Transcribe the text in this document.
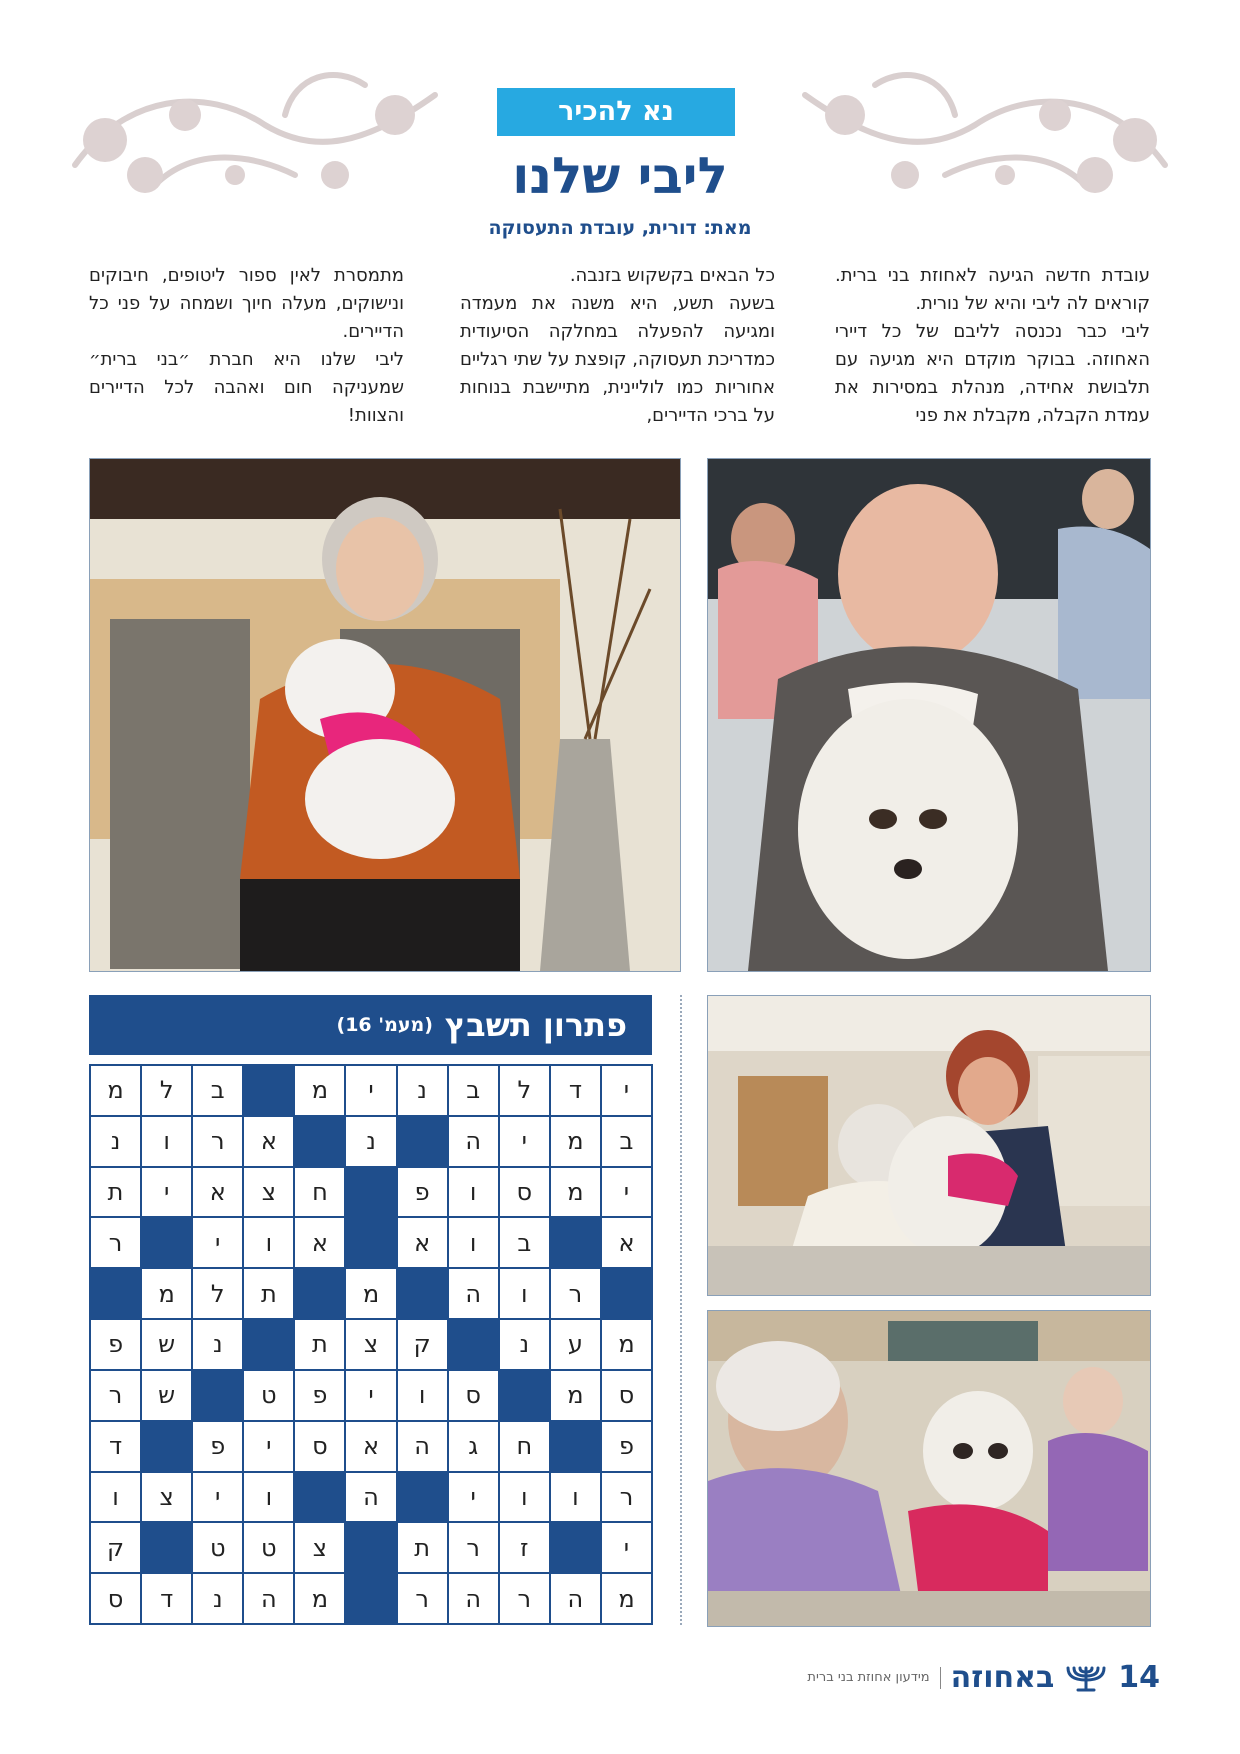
נא להכיר
ליבי שלנו
מאת: דורית, עובדת התעסוקה

עובדת חדשה הגיעה לאחוזת בני ברית. קוראים לה ליבי והיא של נורית.

ליבי כבר נכנסה לליבם של כל דיירי האחוזה. בבוקר מוקדם היא מגיעה עם תלבושת אחידה, מנהלת במסירות את עמדת הקבלה, מקבלת את פני

כל הבאים בקשקוש בזנבה.

בשעה תשע, היא משנה את מעמדה ומגיעה להפעלה במחלקה הסיעודית כמדריכת תעסוקה, קופצת על שתי רגליים אחוריות כמו לוליינית, מתיישבת בנוחות על ברכי הדיירים,

מתמסרת לאין ספור ליטופים, חיבוקים ונישוקים, מעלה חיוך ושמחה על פני כל הדיירים.

ליבי שלנו היא חברת ״בני ברית״ שמעניקה חום ואהבה לכל הדיירים והצוות!

פתרון תשבץ
(מעמ' 16)
י
ד
ל
ב
נ
י
מ
ב
ל
מ
ב
מ
י
ה
נ
א
ר
ו
נ
י
מ
ס
ו
פ
ח
צ
א
י
ת
א
ב
ו
א
א
ו
י
ר
ר
ו
ה
מ
ת
ל
מ
מ
ע
נ
ק
צ
ת
נ
ש
פ
ס
מ
ס
ו
י
פ
ט
ש
ר
פ
ח
ג
ה
א
ס
י
פ
ד
ר
ו
ו
י
ה
ו
י
צ
ו
י
ז
ר
ת
צ
ט
ט
ק
מ
ה
ר
ה
ר
מ
ה
נ
ד
ס
14
באחוזה
מידעון אחוזת בני ברית
